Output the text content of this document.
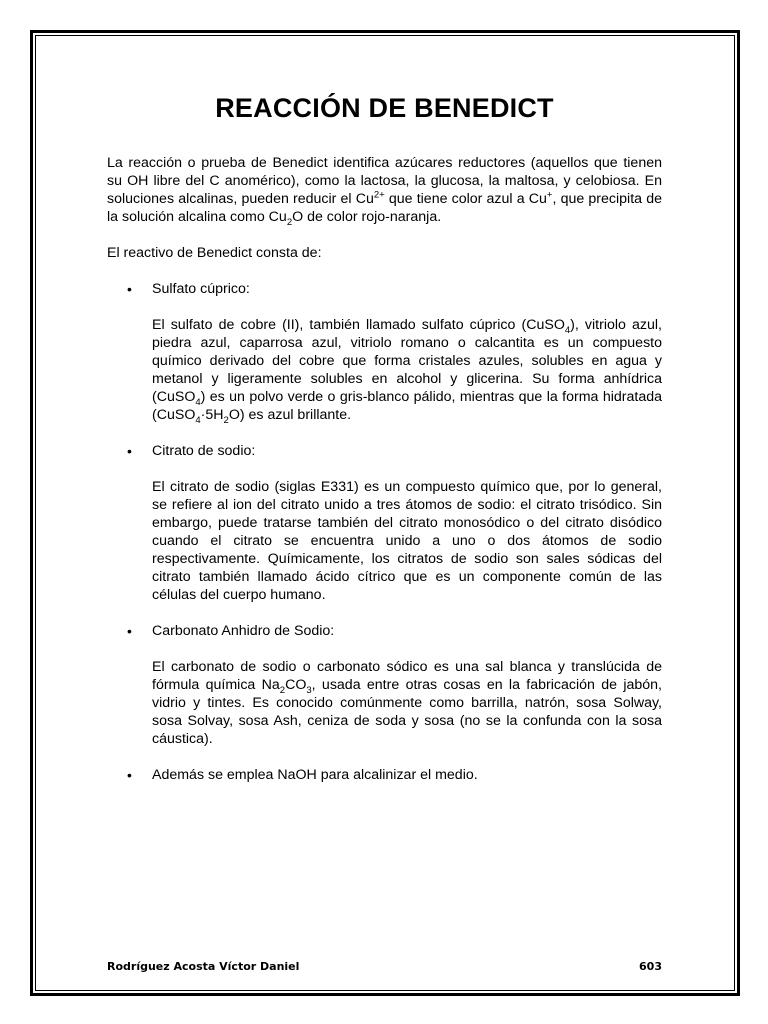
REACCIÓN DE BENEDICT

La reacción o prueba de Benedict identifica azúcares reductores (aquellos que tienen su OH libre del C anomérico), como la lactosa, la glucosa, la maltosa, y celobiosa. En soluciones alcalinas, pueden reducir el $Cu^{2+}$ que tiene color azul a Cu+, que precipita de la solución alcalina como $Cu_2O$ de color rojo-naranja.

El reactivo de Benedict consta de:

• Sulfato cúprico:
El sulfato de cobre (II), también llamado sulfato cúprico (CuSO$_4$), vitriolo azul, piedra azul, caparrosa azul, vitriolo romano o calcantita es un compuesto químico derivado del cobre que forma cristales azules, solubles en agua y metanol y ligeramente solubles en alcohol y glicerina. Su forma anhídrica (CuSO$_4$) es un polvo verde o gris-blanco pálido, mientras que la forma hidratada $(CuSO_4\cdot 5H_2O)$ es azul brillante.
• Citrato de sodio:
El citrato de sodio (siglas E331) es un compuesto químico que, por lo general, se refiere al ion del citrato unido a tres átomos de sodio: el citrato trisódico. Sin embargo, puede tratarse también del citrato monosódico o del citrato disódico cuando el citrato se encuentra unido a uno o dos átomos de sodio respectivamente. Químicamente, los citratos de sodio son sales sódicas del citrato también llamado ácido cítrico que es un componente común de las células del cuerpo humano.
• Carbonato Anhidro de Sodio:
El carbonato de sodio o carbonato sódico es una sal blanca y translúcida de fórmula química $Na_2CO_3$, usada entre otras cosas en la fabricación de jabón, vidrio y tintes. Es conocido comúnmente como barrilla, natrón, sosa Solway, sosa Solvay, sosa Ash, ceniza de soda y sosa (no se la confunda con la sosa cáustica).
• Además se emplea NaOH para alcalinizar el medio.
Rodríguez Acosta Víctor Daniel	603
